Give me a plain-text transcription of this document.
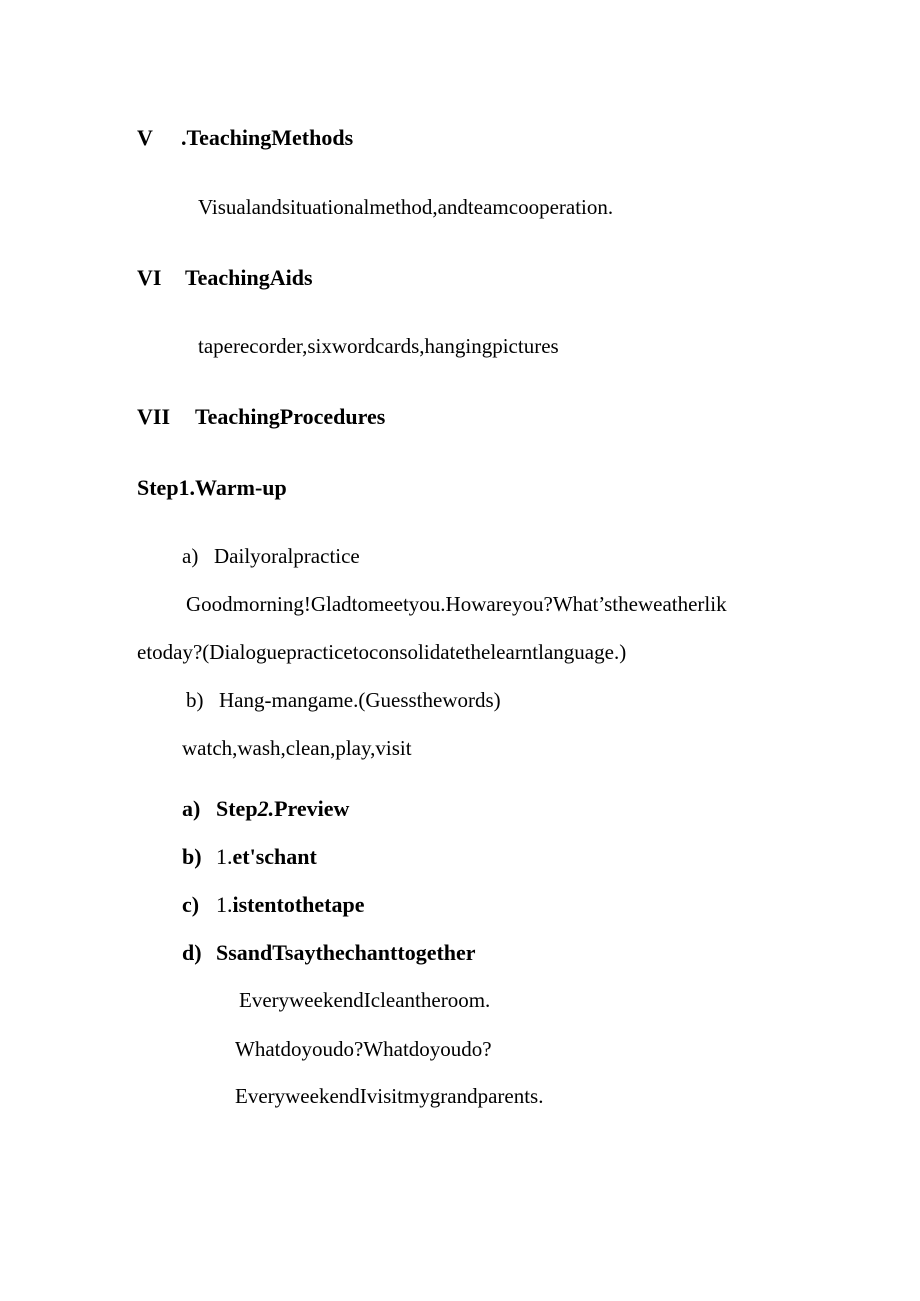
V .TeachingMethods
Visualandsituationalmethod,andteamcooperation.
VI TeachingAids
taperecorder,sixwordcards,hangingpictures
VII TeachingProcedures
Step1.Warm-up
a) Dailyoralpractice
Goodmorning!Gladtomeetyou.Howareyou?What’stheweatherlik
etoday?(Dialoguepracticetoconsolidatethelearntlanguage.)
b) Hang-mangame.(Guessthewords)
watch,wash,clean,play,visit
a) Step2.Preview
b) 1.et'schant
c) 1.istentothetape
d) SsandTsaythechanttogether
EveryweekendIcleantheroom.
Whatdoyoudo?Whatdoyoudo?
EveryweekendIvisitmygrandparents.
